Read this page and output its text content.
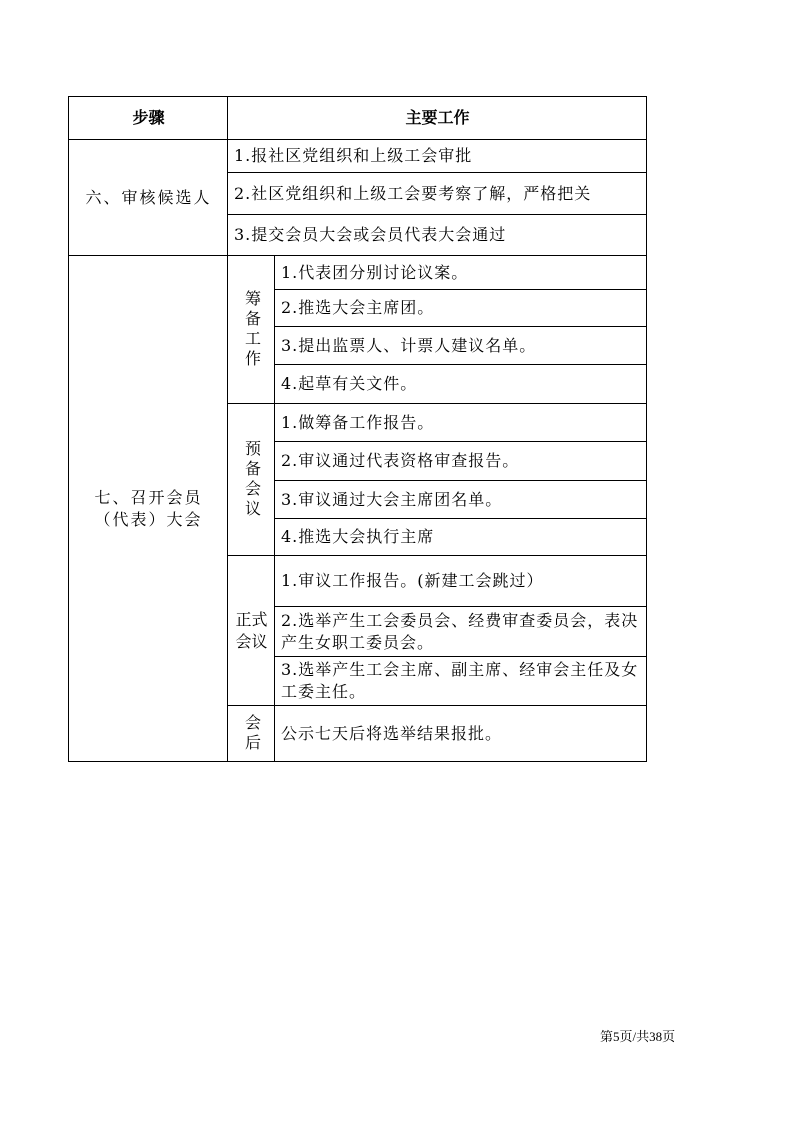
步骤	主要工作
六、审核候选人
1.报社区党组织和上级工会审批
2.社区党组织和上级工会要考察了解，严格把关
3.提交会员大会或会员代表大会通过
七、召开会员（代表）大会
筹备工作
1.代表团分别讨论议案。
2.推选大会主席团。
3.提出监票人、计票人建议名单。
4.起草有关文件。
预备会议
1.做筹备工作报告。
2.审议通过代表资格审查报告。
3.审议通过大会主席团名单。
4.推选大会执行主席
正式会议
1.审议工作报告。(新建工会跳过）
2.选举产生工会委员会、经费审查委员会，表决产生女职工委员会。
3.选举产生工会主席、副主席、经审会主任及女工委主任。
会后	公示七天后将选举结果报批。
第5页/共38页
